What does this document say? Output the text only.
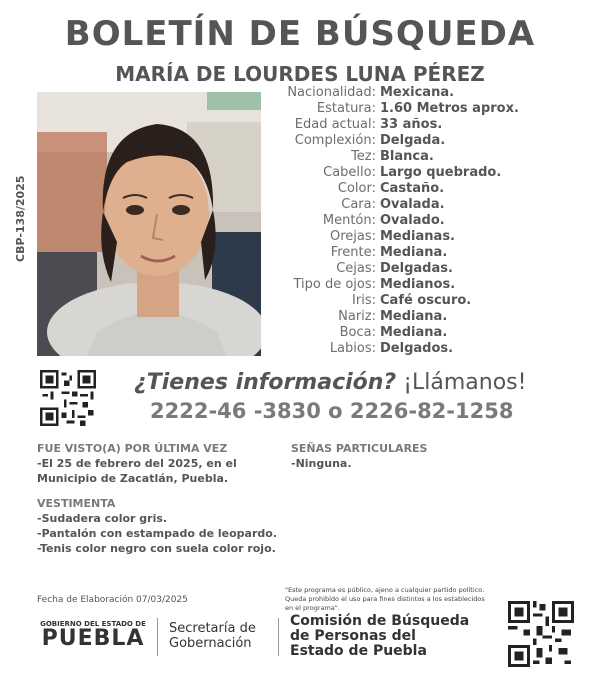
BOLETÍN DE BÚSQUEDA
MARÍA DE LOURDES LUNA PÉREZ
CBP-138/2025
Nacionalidad: Mexicana.
Estatura: 1.60 Metros aprox.
Edad actual: 33 años.
Complexión: Delgada.
Tez: Blanca.
Cabello: Largo quebrado.
Color: Castaño.
Cara: Ovalada.
Mentón: Ovalado.
Orejas: Medianas.
Frente: Mediana.
Cejas: Delgadas.
Tipo de ojos: Medianos.
Iris: Café oscuro.
Nariz: Mediana.
Boca: Mediana.
Labios: Delgados.
¿Tienes información? ¡Llámanos!
2222-46 -3830 o 2226-82-1258
FUE VISTO(A) POR ÚLTIMA VEZ
-El 25 de febrero del 2025, en el
Municipio de Zacatlán, Puebla.
SEÑAS PARTICULARES
-Ninguna.
VESTIMENTA
-Sudadera color gris.
-Pantalón con estampado de leopardo.
-Tenis color negro con suela color rojo.
Fecha de Elaboración 07/03/2025
"Este programa es público, ajeno a cualquier partido político. Queda prohibido el uso para fines distintos a los establecidos en el programa".
GOBIERNO DEL ESTADO DE
PUEBLA	Secretaría de
Gobernación
Comisión de Búsqueda
de Personas del
Estado de Puebla
